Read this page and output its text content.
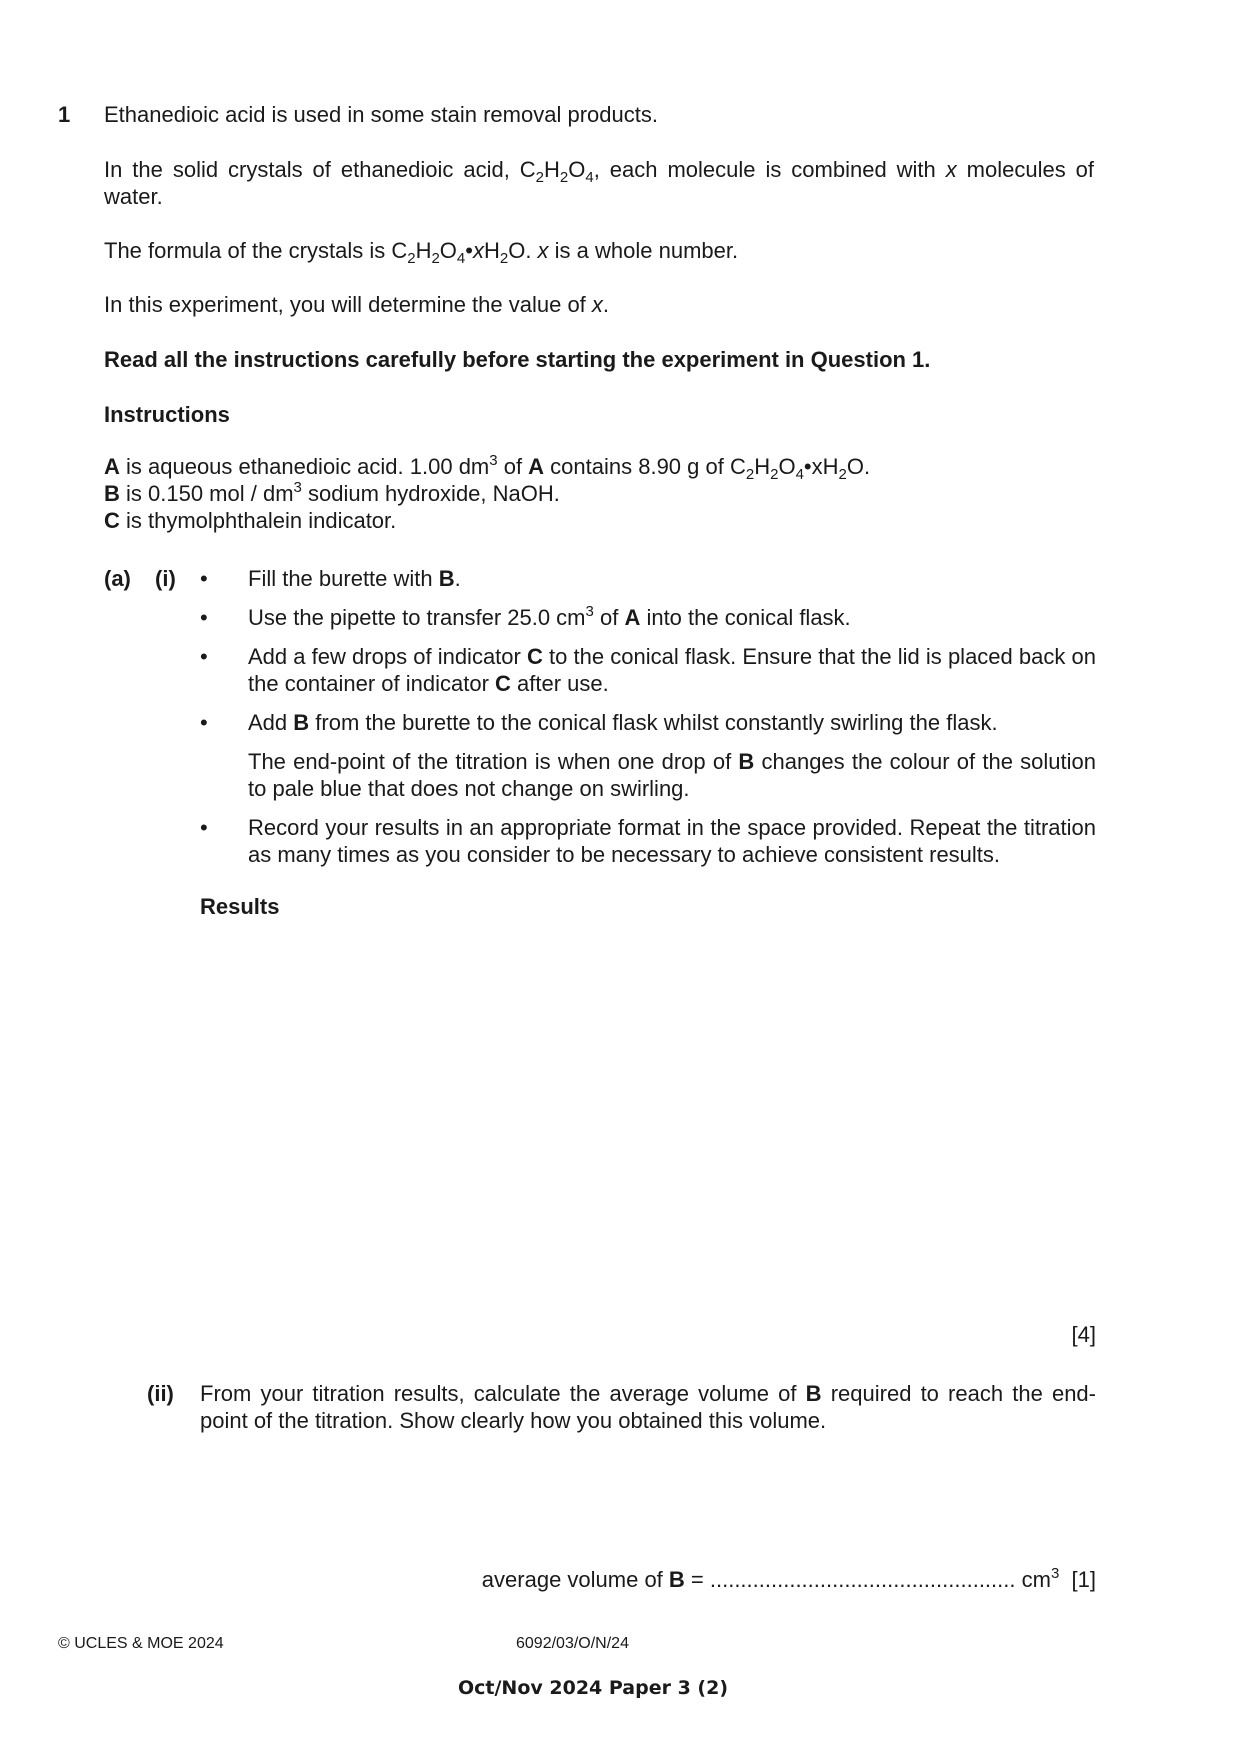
1 Ethanedioic acid is used in some stain removal products.

In the solid crystals of ethanedioic acid, $C_2H_2O_4$, each molecule is combined with x molecules of water.

The formula of the crystals is $C_2H_2O_4•xH_2O$. x is a whole number.

In this experiment, you will determine the value of x.

Read all the instructions carefully before starting the experiment in Question 1.

Instructions

A is aqueous ethanedioic acid. 1.00 $dm^3$ of A contains 8.90 g of $C_2H_2O_4•xH_2O$.

B is 0.150 mol / $dm^3$ sodium hydroxide, NaOH.

C is thymolphthalein indicator.

(a) (i) • Fill the burette with B.

• Use the pipette to transfer 25.0 $cm^3$ of A into the conical flask.

• Add a few drops of indicator C to the conical flask. Ensure that the lid is placed back on the container of indicator C after use.

• Add B from the burette to the conical flask whilst constantly swirling the flask.

The end-point of the titration is when one drop of B changes the colour of the solution to pale blue that does not change on swirling.

• Record your results in an appropriate format in the space provided. Repeat the titration as many times as you consider to be necessary to achieve consistent results.

Results

[4]
(ii) From your titration results, calculate the average volume of B required to reach the end-point of the titration. Show clearly how you obtained this volume.

average volume of B = .................................................. $cm^3$ [1]

© UCLES & MOE 2024	6092/03/O/N/24
Oct/Nov 2024 Paper 3 (2)
